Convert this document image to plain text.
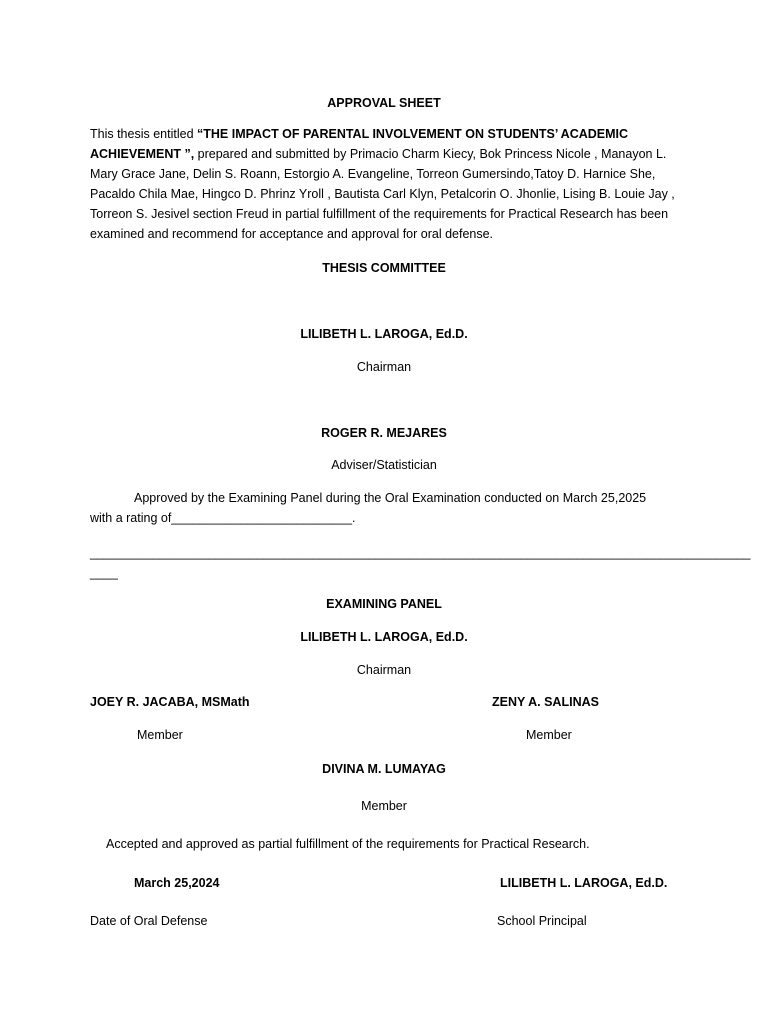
APPROVAL SHEET
This thesis entitled “THE IMPACT OF PARENTAL INVOLVEMENT ON STUDENTS’ ACADEMIC
ACHIEVEMENT ”, prepared and submitted by Primacio Charm Kiecy, Bok Princess Nicole , Manayon L.
Mary Grace Jane, Delin S. Roann, Estorgio A. Evangeline, Torreon Gumersindo,Tatoy D. Harnice She,
Pacaldo Chila Mae, Hingco D. Phrinz Yroll , Bautista Carl Klyn, Petalcorin O. Jhonlie, Lising B. Louie Jay ,
Torreon S. Jesivel section Freud in partial fulfillment of the requirements for Practical Research has been
examined and recommend for acceptance and approval for oral defense.
THESIS COMMITTEE
LILIBETH L. LAROGA, Ed.D.
Chairman
ROGER R. MEJARES
Adviser/Statistician
Approved by the Examining Panel during the Oral Examination conducted on March 25,2025
with a rating of__________________________.
_______________________________________________________________________________________________
____
EXAMINING PANEL
LILIBETH L. LAROGA, Ed.D.
Chairman
JOEY R. JACABA, MSMath
Member
ZENY A. SALINAS
Member
DIVINA M. LUMAYAG
Member
Accepted and approved as partial fulfillment of the requirements for Practical Research.
March 25,2024	LILIBETH L. LAROGA, Ed.D.
Date of Oral Defense	School Principal
